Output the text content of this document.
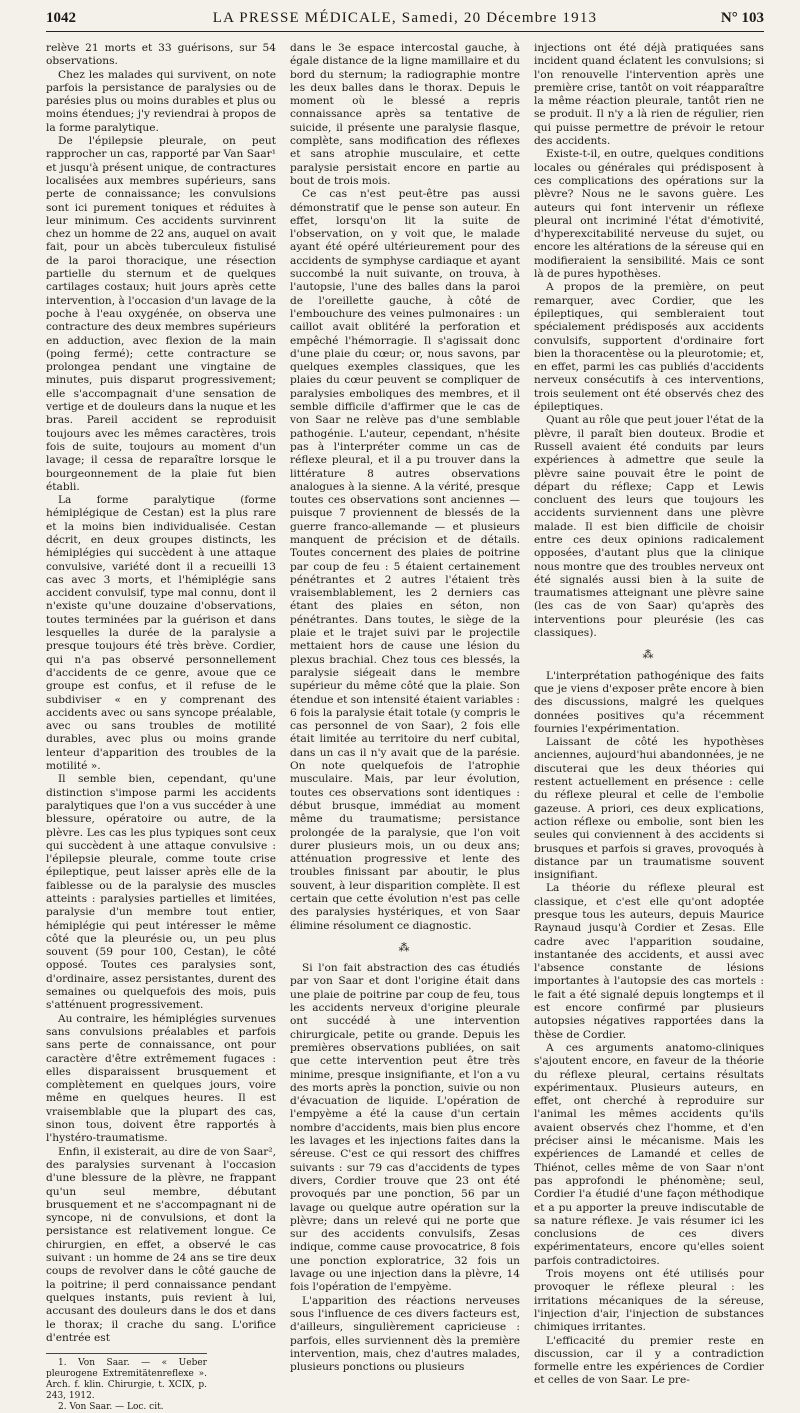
1042	LA PRESSE MÉDICALE, Samedi, 20 Décembre 1913	N° 103

relève 21 morts et 33 guérisons, sur 54 observations.

Chez les malades qui survivent, on note parfois la persistance de paralysies ou de parésies plus ou moins durables et plus ou moins étendues; j'y reviendrai à propos de la forme paralytique.

De l'épilepsie pleurale, on peut rapprocher un cas, rapporté par Van Saar¹ et jusqu'à présent unique, de contractures localisées aux membres supérieurs, sans perte de connaissance; les convulsions sont ici purement toniques et réduites à leur minimum. Ces accidents survinrent chez un homme de 22 ans, auquel on avait fait, pour un abcès tuberculeux fistulisé de la paroi thoracique, une résection partielle du sternum et de quelques cartilages costaux; huit jours après cette intervention, à l'occasion d'un lavage de la poche à l'eau oxygénée, on observa une contracture des deux membres supérieurs en adduction, avec flexion de la main (poing fermé); cette contracture se prolongea pendant une vingtaine de minutes, puis disparut progressivement; elle s'accompagnait d'une sensation de vertige et de douleurs dans la nuque et les bras. Pareil accident se reproduisit toujours avec les mêmes caractères, trois fois de suite, toujours au moment d'un lavage; il cessa de reparaître lorsque le bourgeonnement de la plaie fut bien établi.

La forme paralytique (forme hémiplégique de Cestan) est la plus rare et la moins bien individualisée. Cestan décrit, en deux groupes distincts, les hémiplégies qui succèdent à une attaque convulsive, variété dont il a recueilli 13 cas avec 3 morts, et l'hémiplégie sans accident convulsif, type mal connu, dont il n'existe qu'une douzaine d'observations, toutes terminées par la guérison et dans lesquelles la durée de la paralysie a presque toujours été très brève. Cordier, qui n'a pas observé personnellement d'accidents de ce genre, avoue que ce groupe est confus, et il refuse de le subdiviser « en y comprenant des accidents avec ou sans syncope préalable, avec ou sans troubles de motilité durables, avec plus ou moins grande lenteur d'apparition des troubles de la motilité ».

Il semble bien, cependant, qu'une distinction s'impose parmi les accidents paralytiques que l'on a vus succéder à une blessure, opératoire ou autre, de la plèvre. Les cas les plus typiques sont ceux qui succèdent à une attaque convulsive : l'épilepsie pleurale, comme toute crise épileptique, peut laisser après elle de la faiblesse ou de la paralysie des muscles atteints : paralysies partielles et limitées, paralysie d'un membre tout entier, hémiplégie qui peut intéresser le même côté que la pleurésie ou, un peu plus souvent (59 pour 100, Cestan), le côté opposé. Toutes ces paralysies sont, d'ordinaire, assez persistantes, durent des semaines ou quelquefois des mois, puis s'atténuent progressivement.

Au contraire, les hémiplégies survenues sans convulsions préalables et parfois sans perte de connaissance, ont pour caractère d'être extrêmement fugaces : elles disparaissent brusquement et complètement en quelques jours, voire même en quelques heures. Il est vraisemblable que la plupart des cas, sinon tous, doivent être rapportés à l'hystéro-traumatisme.

Enfin, il existerait, au dire de von Saar², des paralysies survenant à l'occasion d'une blessure de la plèvre, ne frappant qu'un seul membre, débutant brusquement et ne s'accompagnant ni de syncope, ni de convulsions, et dont la persistance est relativement longue. Ce chirurgien, en effet, a observé le cas suivant : un homme de 24 ans se tire deux coups de revolver dans le côté gauche de la poitrine; il perd connaissance pendant quelques instants, puis revient à lui, accusant des douleurs dans le dos et dans le thorax; il crache du sang. L'orifice d'entrée est

1. Von Saar. — « Ueber pleurogene Extremitätenreflexe ». Arch. f. klin. Chirurgie, t. XCIX, p. 243, 1912.
2. Von Saar. — Loc. cit.

dans le 3e espace intercostal gauche, à égale distance de la ligne mamillaire et du bord du sternum; la radiographie montre les deux balles dans le thorax. Depuis le moment où le blessé a repris connaissance après sa tentative de suicide, il présente une paralysie flasque, complète, sans modification des réflexes et sans atrophie musculaire, et cette paralysie persistait encore en partie au bout de trois mois.

Ce cas n'est peut-être pas aussi démonstratif que le pense son auteur. En effet, lorsqu'on lit la suite de l'observation, on y voit que, le malade ayant été opéré ultérieurement pour des accidents de symphyse cardiaque et ayant succombé la nuit suivante, on trouva, à l'autopsie, l'une des balles dans la paroi de l'oreillette gauche, à côté de l'embouchure des veines pulmonaires : un caillot avait oblitéré la perforation et empêché l'hémorragie. Il s'agissait donc d'une plaie du cœur; or, nous savons, par quelques exemples classiques, que les plaies du cœur peuvent se compliquer de paralysies emboliques des membres, et il semble difficile d'affirmer que le cas de von Saar ne relève pas d'une semblable pathogénie. L'auteur, cependant, n'hésite pas à l'interpréter comme un cas de réflexe pleural, et il a pu trouver dans la littérature 8 autres observations analogues à la sienne. A la vérité, presque toutes ces observations sont anciennes — puisque 7 proviennent de blessés de la guerre franco-allemande — et plusieurs manquent de précision et de détails. Toutes concernent des plaies de poitrine par coup de feu : 5 étaient certainement pénétrantes et 2 autres l'étaient très vraisemblablement, les 2 derniers cas étant des plaies en séton, non pénétrantes. Dans toutes, le siège de la plaie et le trajet suivi par le projectile mettaient hors de cause une lésion du plexus brachial. Chez tous ces blessés, la paralysie siégeait dans le membre supérieur du même côté que la plaie. Son étendue et son intensité étaient variables : 6 fois la paralysie était totale (y compris le cas personnel de von Saar), 2 fois elle était limitée au territoire du nerf cubital, dans un cas il n'y avait que de la parésie. On note quelquefois de l'atrophie musculaire. Mais, par leur évolution, toutes ces observations sont identiques : début brusque, immédiat au moment même du traumatisme; persistance prolongée de la paralysie, que l'on voit durer plusieurs mois, un ou deux ans; atténuation progressive et lente des troubles finissant par aboutir, le plus souvent, à leur disparition complète. Il est certain que cette évolution n'est pas celle des paralysies hystériques, et von Saar élimine résolument ce diagnostic.

⁂

Si l'on fait abstraction des cas étudiés par von Saar et dont l'origine était dans une plaie de poitrine par coup de feu, tous les accidents nerveux d'origine pleurale ont succédé à une intervention chirurgicale, petite ou grande. Depuis les premières observations publiées, on sait que cette intervention peut être très minime, presque insignifiante, et l'on a vu des morts après la ponction, suivie ou non d'évacuation de liquide. L'opération de l'empyème a été la cause d'un certain nombre d'accidents, mais bien plus encore les lavages et les injections faites dans la séreuse. C'est ce qui ressort des chiffres suivants : sur 79 cas d'accidents de types divers, Cordier trouve que 23 ont été provoqués par une ponction, 56 par un lavage ou quelque autre opération sur la plèvre; dans un relevé qui ne porte que sur des accidents convulsifs, Zesas indique, comme cause provocatrice, 8 fois une ponction exploratrice, 32 fois un lavage ou une injection dans la plèvre, 14 fois l'opération de l'empyème.

L'apparition des réactions nerveuses sous l'influence de ces divers facteurs est, d'ailleurs, singulièrement capricieuse : parfois, elles surviennent dès la première intervention, mais, chez d'autres malades, plusieurs ponctions ou plusieurs

injections ont été déjà pratiquées sans incident quand éclatent les convulsions; si l'on renouvelle l'intervention après une première crise, tantôt on voit réapparaître la même réaction pleurale, tantôt rien ne se produit. Il n'y a là rien de régulier, rien qui puisse permettre de prévoir le retour des accidents.

Existe-t-il, en outre, quelques conditions locales ou générales qui prédisposent à ces complications des opérations sur la plèvre? Nous ne le savons guère. Les auteurs qui font intervenir un réflexe pleural ont incriminé l'état d'émotivité, d'hyperexcitabilité nerveuse du sujet, ou encore les altérations de la séreuse qui en modifieraient la sensibilité. Mais ce sont là de pures hypothèses.

A propos de la première, on peut remarquer, avec Cordier, que les épileptiques, qui sembleraient tout spécialement prédisposés aux accidents convulsifs, supportent d'ordinaire fort bien la thoracentèse ou la pleurotomie; et, en effet, parmi les cas publiés d'accidents nerveux consécutifs à ces interventions, trois seulement ont été observés chez des épileptiques.

Quant au rôle que peut jouer l'état de la plèvre, il paraît bien douteux. Brodie et Russell avaient été conduits par leurs expériences à admettre que seule la plèvre saine pouvait être le point de départ du réflexe; Capp et Lewis concluent des leurs que toujours les accidents surviennent dans une plèvre malade. Il est bien difficile de choisir entre ces deux opinions radicalement opposées, d'autant plus que la clinique nous montre que des troubles nerveux ont été signalés aussi bien à la suite de traumatismes atteignant une plèvre saine (les cas de von Saar) qu'après des interventions pour pleurésie (les cas classiques).

⁂

L'interprétation pathogénique des faits que je viens d'exposer prête encore à bien des discussions, malgré les quelques données positives qu'a récemment fournies l'expérimentation.

Laissant de côté les hypothèses anciennes, aujourd'hui abandonnées, je ne discuterai que les deux théories qui restent actuellement en présence : celle du réflexe pleural et celle de l'embolie gazeuse. A priori, ces deux explications, action réflexe ou embolie, sont bien les seules qui conviennent à des accidents si brusques et parfois si graves, provoqués à distance par un traumatisme souvent insignifiant.

La théorie du réflexe pleural est classique, et c'est elle qu'ont adoptée presque tous les auteurs, depuis Maurice Raynaud jusqu'à Cordier et Zesas. Elle cadre avec l'apparition soudaine, instantanée des accidents, et aussi avec l'absence constante de lésions importantes à l'autopsie des cas mortels : le fait a été signalé depuis longtemps et il est encore confirmé par plusieurs autopsies négatives rapportées dans la thèse de Cordier.

A ces arguments anatomo-cliniques s'ajoutent encore, en faveur de la théorie du réflexe pleural, certains résultats expérimentaux. Plusieurs auteurs, en effet, ont cherché à reproduire sur l'animal les mêmes accidents qu'ils avaient observés chez l'homme, et d'en préciser ainsi le mécanisme. Mais les expériences de Lamandé et celles de Thiénot, celles même de von Saar n'ont pas approfondi le phénomène; seul, Cordier l'a étudié d'une façon méthodique et a pu apporter la preuve indiscutable de sa nature réflexe. Je vais résumer ici les conclusions de ces divers expérimentateurs, encore qu'elles soient parfois contradictoires.

Trois moyens ont été utilisés pour provoquer le réflexe pleural : les irritations mécaniques de la séreuse, l'injection d'air, l'injection de substances chimiques irritantes.

L'efficacité du premier reste en discussion, car il y a contradiction formelle entre les expériences de Cordier et celles de von Saar. Le pre-
